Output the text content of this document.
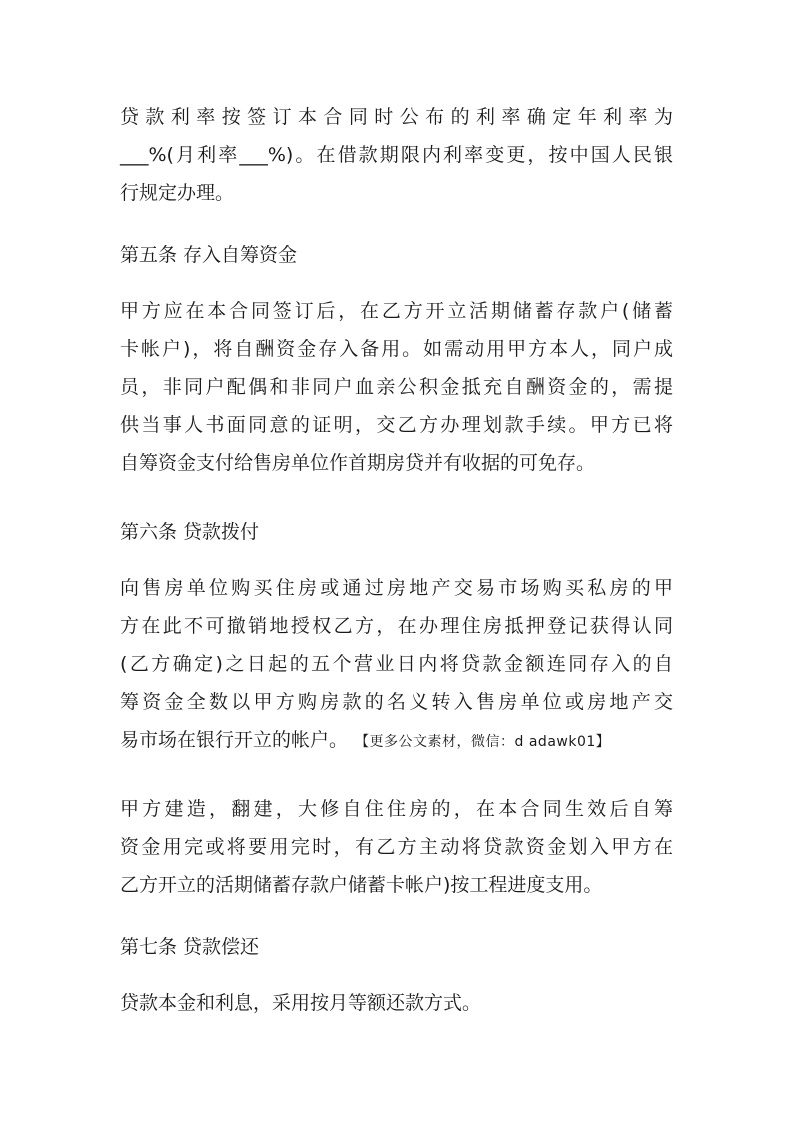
贷款利率按签订本合同时公布的利率确定年利率为
___%(月利率___%)。在借款期限内利率变更，按中国人民银
行规定办理。
第五条 存入自筹资金
甲方应在本合同签订后，在乙方开立活期储蓄存款户(储蓄
卡帐户)，将自酬资金存入备用。如需动用甲方本人，同户成
员，非同户配偶和非同户血亲公积金抵充自酬资金的，需提
供当事人书面同意的证明，交乙方办理划款手续。甲方已将
自筹资金支付给售房单位作首期房贷并有收据的可免存。
第六条 贷款拨付
向售房单位购买住房或通过房地产交易市场购买私房的甲
方在此不可撤销地授权乙方，在办理住房抵押登记获得认同
(乙方确定)之日起的五个营业日内将贷款金额连同存入的自
筹资金全数以甲方购房款的名义转入售房单位或房地产交
易市场在银行开立的帐户。 【更多公文素材，微信：d adawk01】
甲方建造，翻建，大修自住住房的，在本合同生效后自筹
资金用完或将要用完时，有乙方主动将贷款资金划入甲方在
乙方开立的活期储蓄存款户储蓄卡帐户)按工程进度支用。
第七条 贷款偿还
贷款本金和利息，采用按月等额还款方式。
